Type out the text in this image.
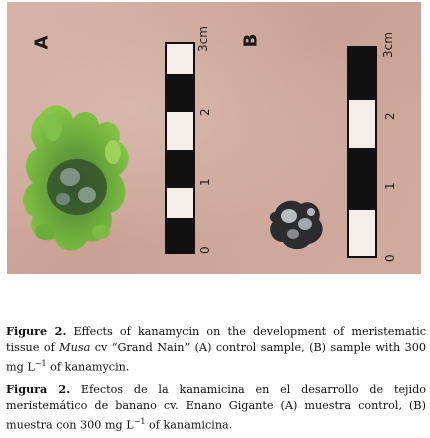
A	3cm
2
1
0
B	3cm
2
1
0
Figure 2. Effects of kanamycin on the development of meristematic tissue of Musa cv “Grand Nain” (A) control sample, (B) sample with 300 mg $L^{-1}$ of kanamycin.
Figura 2. Efectos de la kanamicina en el desarrollo de tejido meristemático de banano cv. Enano Gigante (A) muestra control, (B) muestra con 300 mg $L^{-1}$ of kanamicina.
